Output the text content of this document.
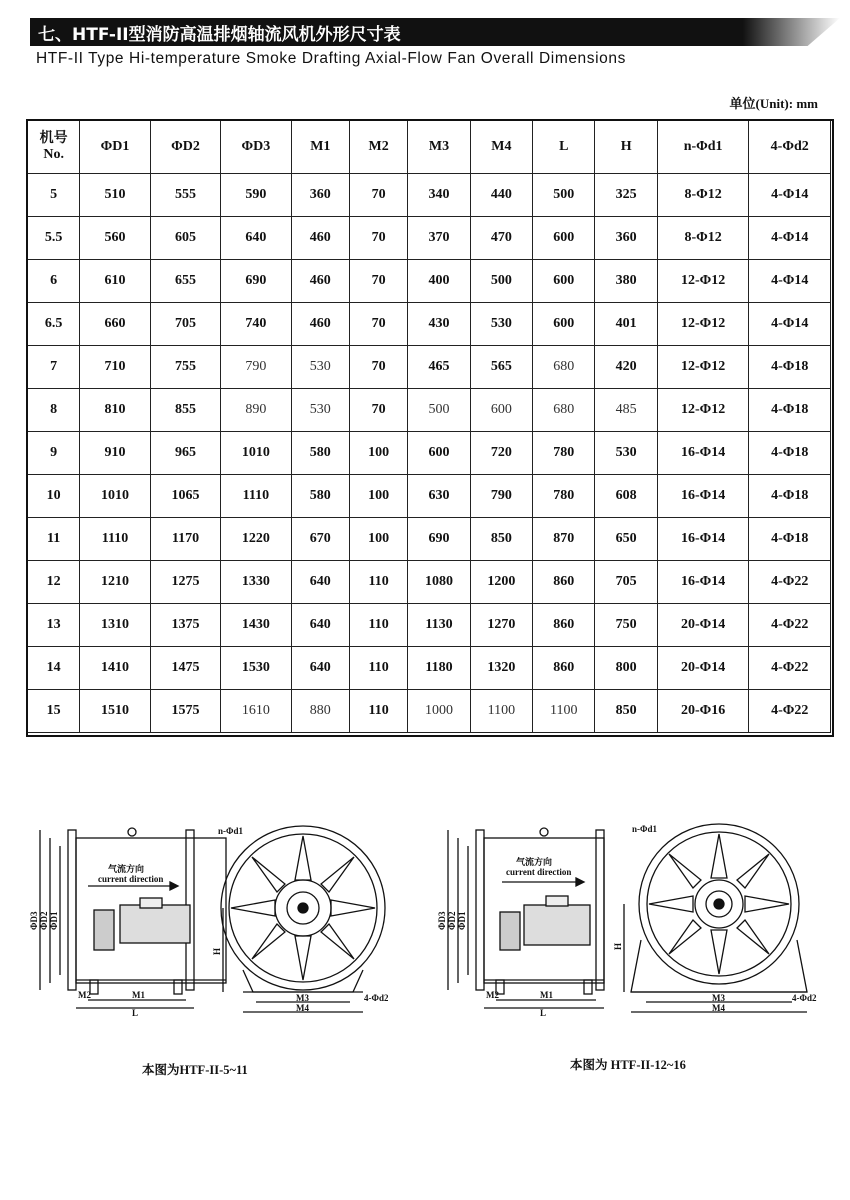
七、HTF-II型消防高温排烟轴流风机外形尺寸表
HTF-II Type Hi-temperature Smoke Drafting Axial-Flow Fan Overall Dimensions
单位(Unit): mm
机号
No.	ΦD1	ΦD2	ΦD3	M1	M2	M3	M4	L	H	n-Φd1	4-Φd2
5	510	555	590	360	70	340	440	500	325	8-Φ12	4-Φ14
5.5	560	605	640	460	70	370	470	600	360	8-Φ12	4-Φ14
6	610	655	690	460	70	400	500	600	380	12-Φ12	4-Φ14
6.5	660	705	740	460	70	430	530	600	401	12-Φ12	4-Φ14
7	710	755	790	530	70	465	565	680	420	12-Φ12	4-Φ18
8	810	855	890	530	70	500	600	680	485	12-Φ12	4-Φ18
9	910	965	1010	580	100	600	720	780	530	16-Φ14	4-Φ18
10	1010	1065	1110	580	100	630	790	780	608	16-Φ14	4-Φ18
11	1110	1170	1220	670	100	690	850	870	650	16-Φ14	4-Φ18
12	1210	1275	1330	640	110	1080	1200	860	705	16-Φ14	4-Φ22
13	1310	1375	1430	640	110	1130	1270	860	750	20-Φ14	4-Φ22
14	1410	1475	1530	640	110	1180	1320	860	800	20-Φ14	4-Φ22
15	1510	1575	1610	880	110	1000	1100	1100	850	20-Φ16	4-Φ22
ΦD3 ΦD2 ΦD1
气流方向
current direction
M2	M1
L
n-Φd1
H
M3
M4
4-Φd2
本图为HTF-II-5~11
ΦD3 ΦD2 ΦD1
气流方向
current direction
M2	M1
L
n-Φd1
H
M3
M4
4-Φd2
本图为 HTF-II-12~16
